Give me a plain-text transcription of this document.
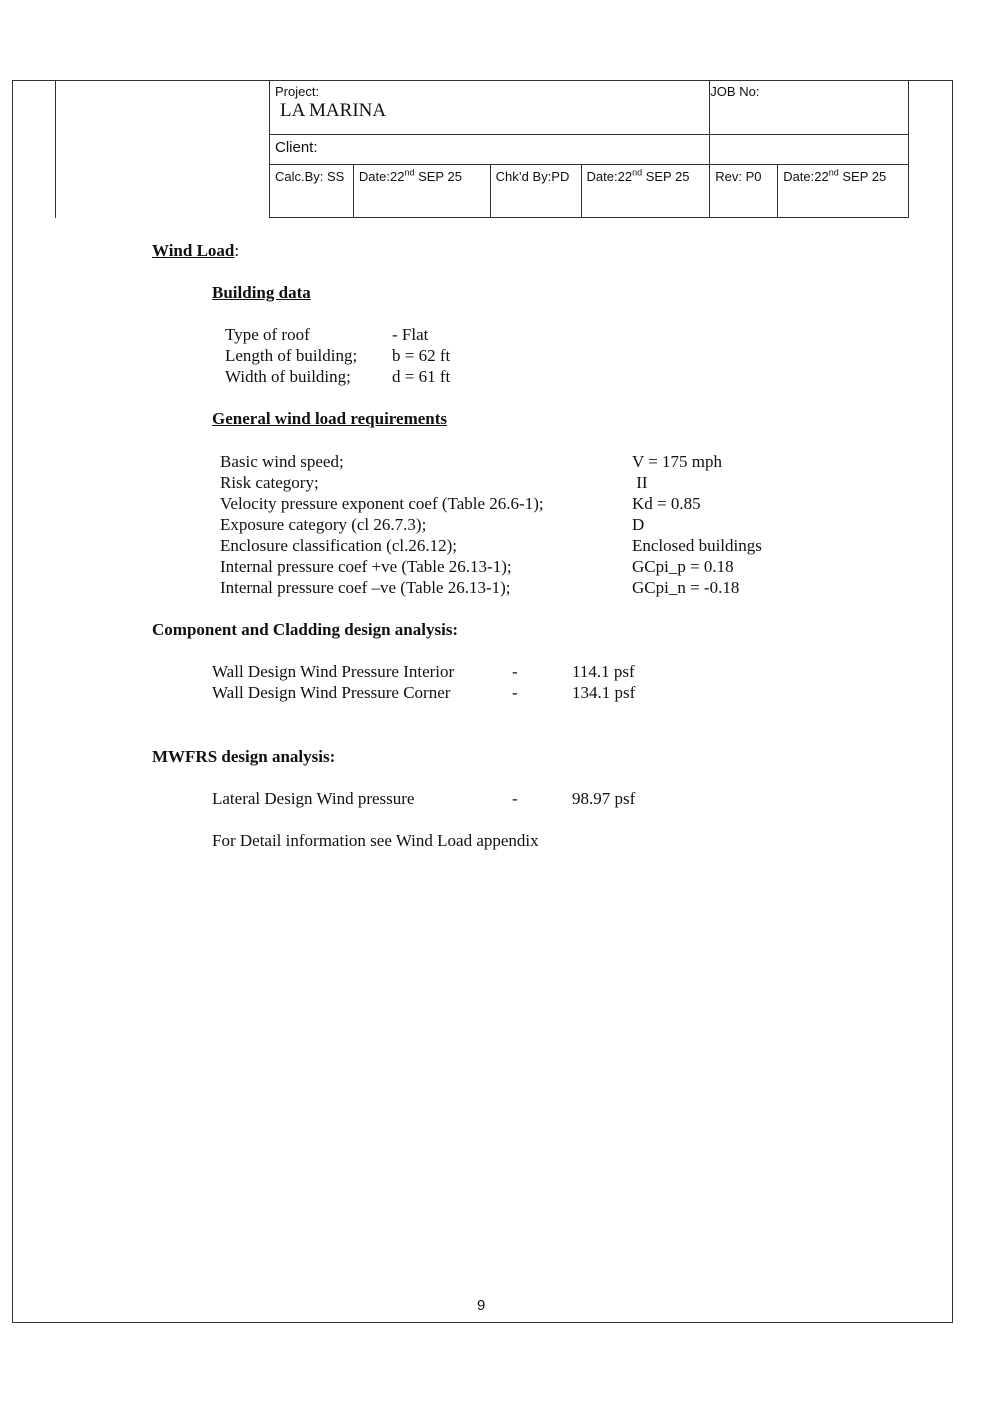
Project:
LA MARINA				JOB No:	

Client:					

Calc.By: SS	Date:22nd SEP 25	Chk’d By:PD	Date:22nd SEP 25	Rev: P0	Date:22nd SEP 25
Wind Load:
Building data
Type of roof	- Flat
Length of building; b = 62 ft
Width of building; d = 61 ft
General wind load requirements
Basic wind speed;	V = 175 mph
Risk category;	II
Velocity pressure exponent coef (Table 26.6-1);	Kd = 0.85
Exposure category (cl 26.7.3);	D
Enclosure classification (cl.26.12);	Enclosed buildings
Internal pressure coef +ve (Table 26.13-1);	GCpi_p = 0.18
Internal pressure coef –ve (Table 26.13-1);	GCpi_n = -0.18
Component and Cladding design analysis:
Wall Design Wind Pressure Interior	-	114.1 psf
Wall Design Wind Pressure Corner	-	134.1 psf
MWFRS design analysis:
Lateral Design Wind pressure	-	98.97 psf
For Detail information see Wind Load appendix
9
